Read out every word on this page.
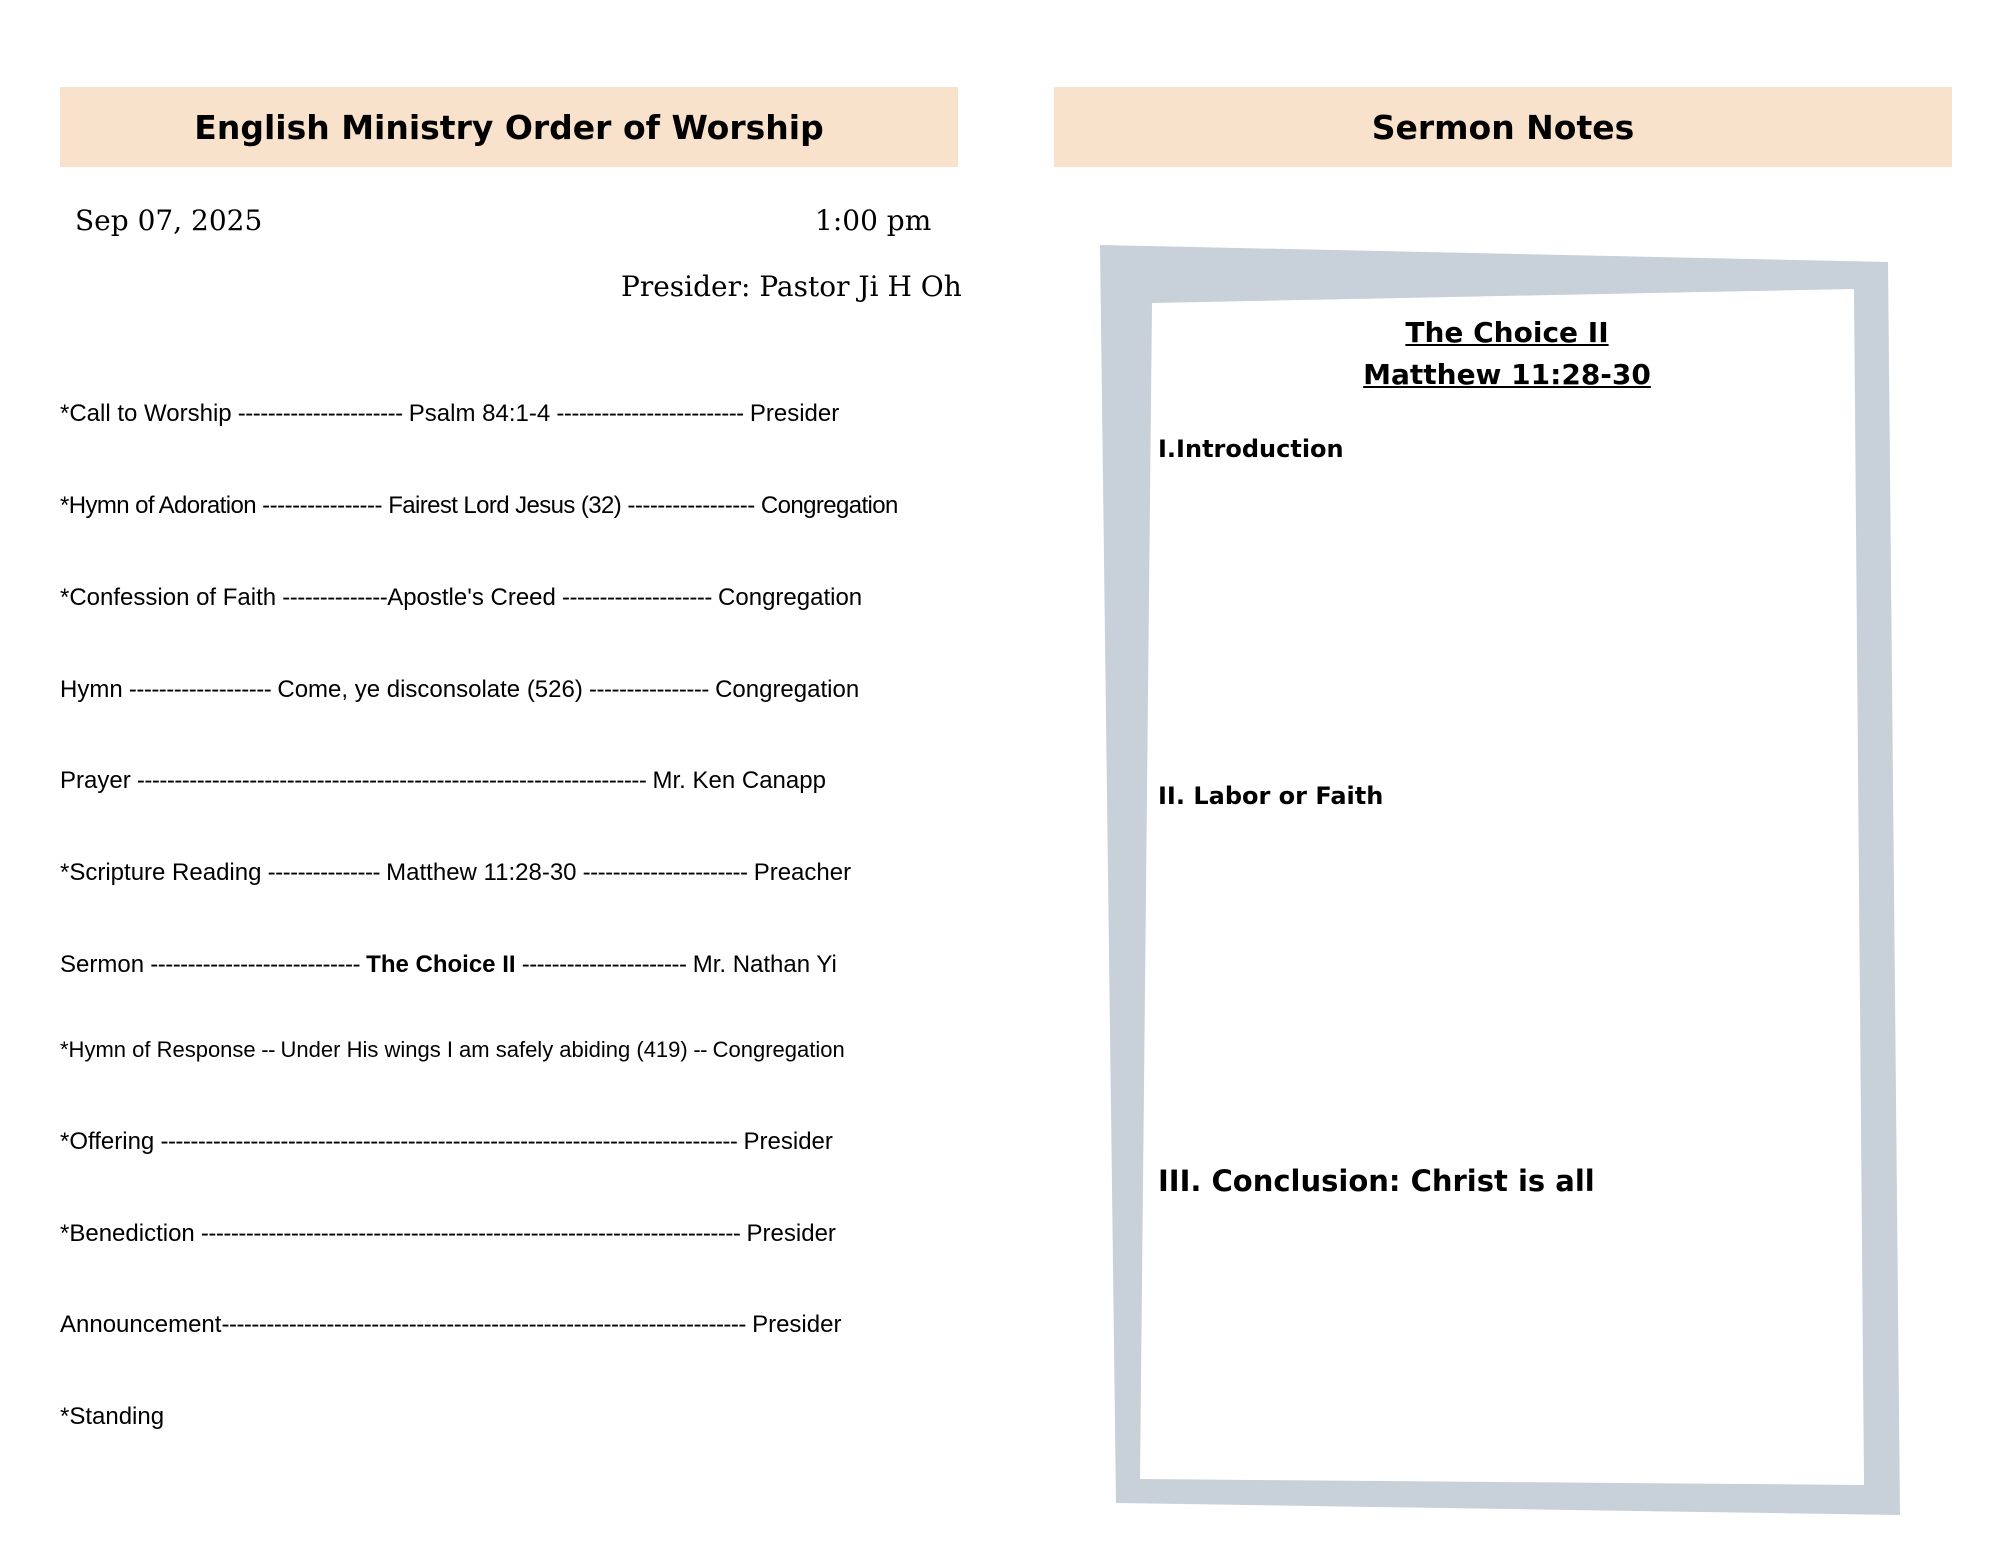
English Ministry Order of Worship
Sep 07, 2025	1:00 pm
Presider: Pastor Ji H Oh
*Call to Worship ---------------------- Psalm 84:1-4 ------------------------- Presider
*Hymn of Adoration ---------------- Fairest Lord Jesus (32) ----------------- Congregation
*Confession of Faith --------------Apostle's Creed -------------------- Congregation
Hymn ------------------- Come, ye disconsolate (526) ---------------- Congregation
Prayer -------------------------------------------------------------------- Mr. Ken Canapp
*Scripture Reading --------------- Matthew 11:28-30 ---------------------- Preacher
Sermon ---------------------------- The Choice II ---------------------- Mr. Nathan Yi
*Hymn of Response -- Under His wings I am safely abiding (419) -- Congregation
*Offering ----------------------------------------------------------------------------- Presider
*Benediction ------------------------------------------------------------------------ Presider
Announcement---------------------------------------------------------------------- Presider
*Standing
Sermon Notes
The Choice II
Matthew 11:28-30
I.Introduction
II. Labor or Faith
III. Conclusion: Christ is all
